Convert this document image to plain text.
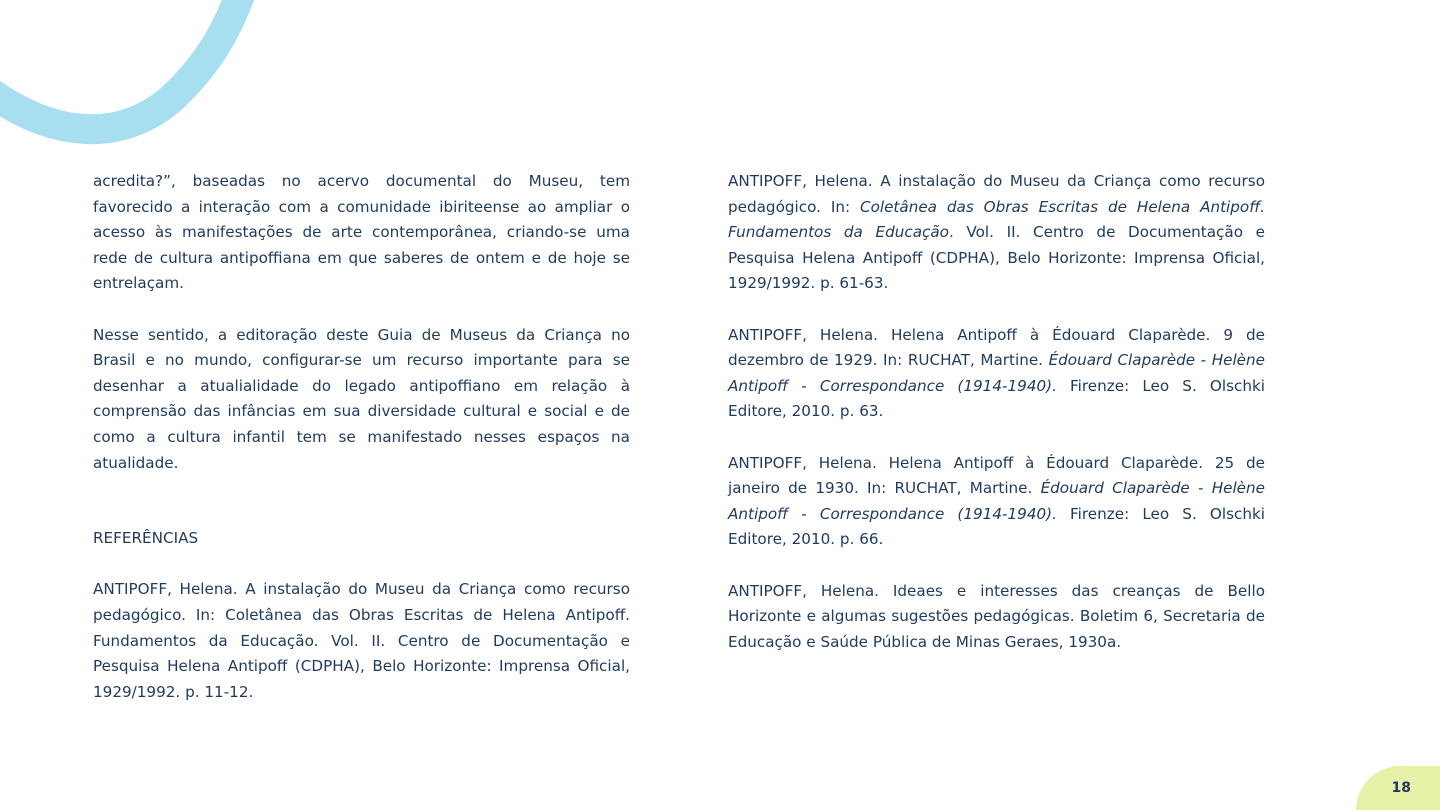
acredita?”, baseadas no acervo documental do Museu, tem favorecido a interação com a comunidade ibiriteense ao ampliar o acesso às manifestações de arte contemporânea, criando-se uma rede de cultura antipoffiana em que saberes de ontem e de hoje se entrelaçam.

Nesse sentido, a editoração deste Guia de Museus da Criança no Brasil e no mundo, configurar-se um recurso importante para se desenhar a atualialidade do legado antipoffiano em relação à comprensão das infâncias em sua diversidade cultural e social e de como a cultura infantil tem se manifestado nesses espaços na atualidade.

REFERÊNCIAS

ANTIPOFF, Helena. A instalação do Museu da Criança como recurso pedagógico. In: Coletânea das Obras Escritas de Helena Antipoff. Fundamentos da Educação. Vol. II. Centro de Documentação e Pesquisa Helena Antipoff (CDPHA), Belo Horizonte: Imprensa Oficial, 1929/1992. p. 11-12.

ANTIPOFF, Helena. A instalação do Museu da Criança como recurso pedagógico. In: Coletânea das Obras Escritas de Helena Antipoff. Fundamentos da Educação. Vol. II. Centro de Documentação e Pesquisa Helena Antipoff (CDPHA), Belo Horizonte: Imprensa Oficial, 1929/1992. p. 61-63.

ANTIPOFF, Helena. Helena Antipoff à Édouard Claparède. 9 de dezembro de 1929. In: RUCHAT, Martine. Édouard Claparède - Helène Antipoff - Correspondance (1914-1940). Firenze: Leo S. Olschki Editore, 2010. p. 63.

ANTIPOFF, Helena. Helena Antipoff à Édouard Claparède. 25 de janeiro de 1930. In: RUCHAT, Martine. Édouard Claparède - Helène Antipoff - Correspondance (1914-1940). Firenze: Leo S. Olschki Editore, 2010. p. 66.

ANTIPOFF, Helena. Ideaes e interesses das creanças de Bello Horizonte e algumas sugestões pedagógicas. Boletim 6, Secretaria de Educação e Saúde Pública de Minas Geraes, 1930a.

18
